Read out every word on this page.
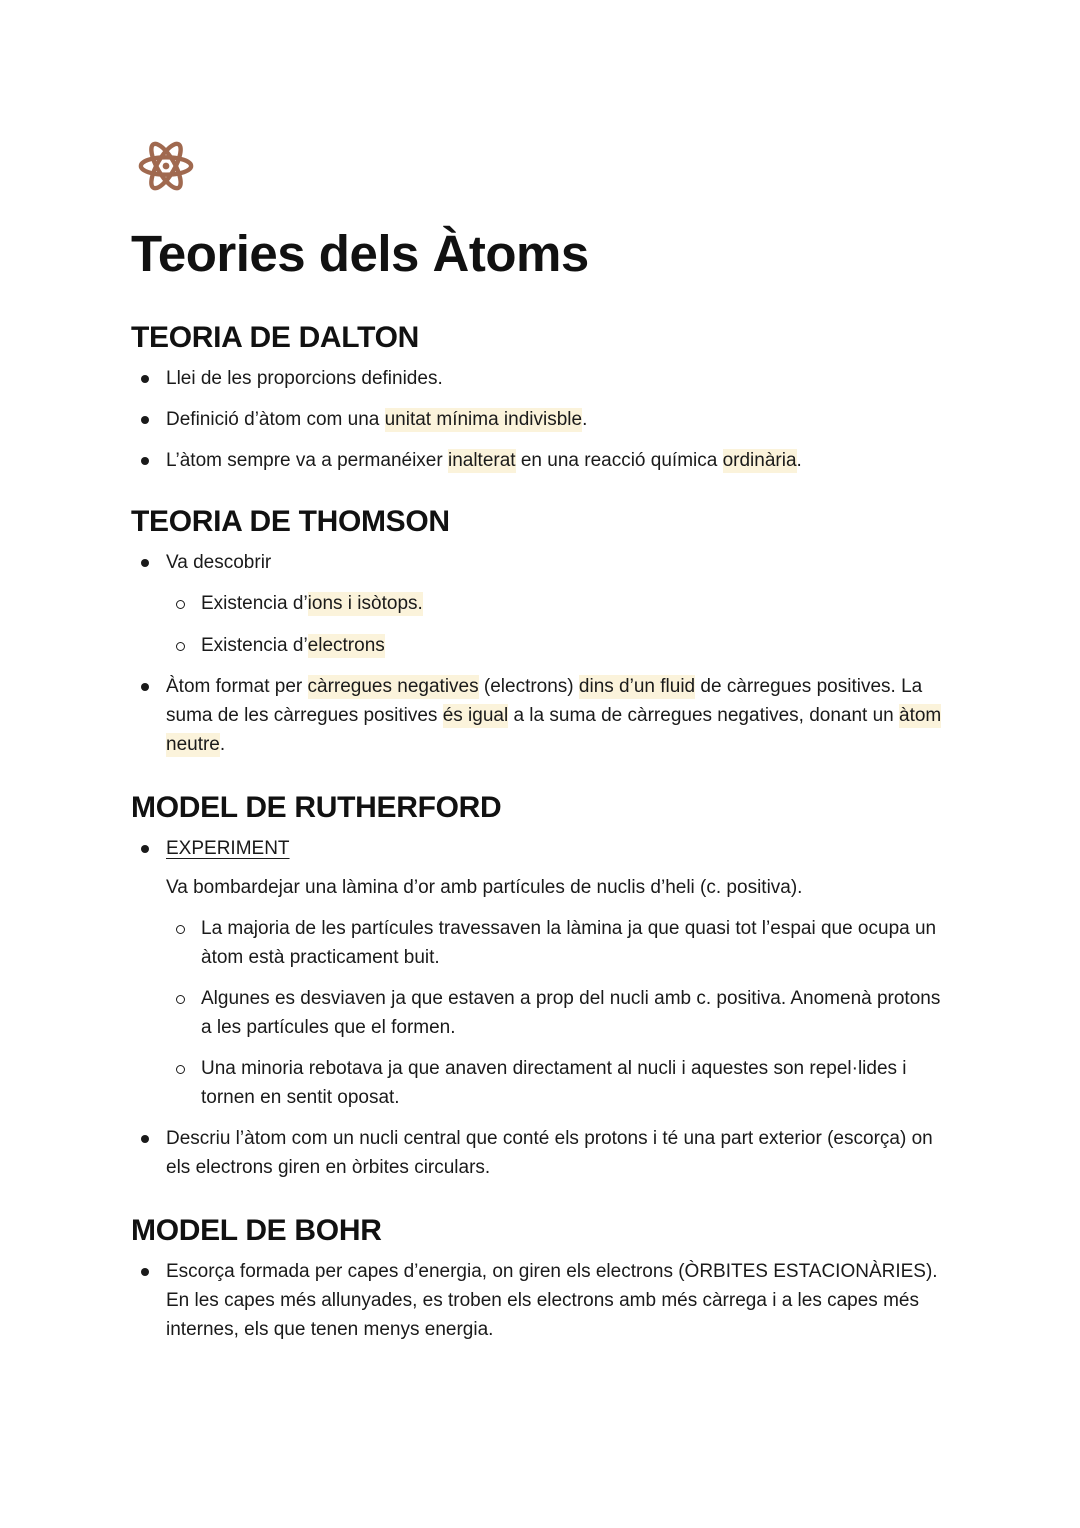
Teories dels Àtoms
TEORIA DE DALTON
Llei de les proporcions definides.
Definició d’àtom com una unitat mínima indivisble.
L’àtom sempre va a permanéixer inalterat en una reacció química ordinària.
TEORIA DE THOMSON
Va descobrir
Existencia d’ions i isòtops.
Existencia d’electrons
Àtom format per càrregues negatives (electrons) dins d’un fluid de càrregues positives. La suma de les càrregues positives és igual a la suma de càrregues negatives, donant un àtom neutre.
MODEL DE RUTHERFORD
EXPERIMENT
Va bombardejar una làmina d’or amb partícules de nuclis d’heli (c. positiva).
La majoria de les partícules travessaven la làmina ja que quasi tot l’espai que ocupa un àtom està practicament buit.
Algunes es desviaven ja que estaven a prop del nucli amb c. positiva. Anomenà protons a les partícules que el formen.
Una minoria rebotava ja que anaven directament al nucli i aquestes son repel·lides i tornen en sentit oposat.
Descriu l’àtom com un nucli central que conté els protons i té una part exterior (escorça) on els electrons giren en òrbites circulars.
MODEL DE BOHR
Escorça formada per capes d’energia, on giren els electrons (ÒRBITES ESTACIONÀRIES). En les capes més allunyades, es troben els electrons amb més càrrega i a les capes més internes, els que tenen menys energia.
